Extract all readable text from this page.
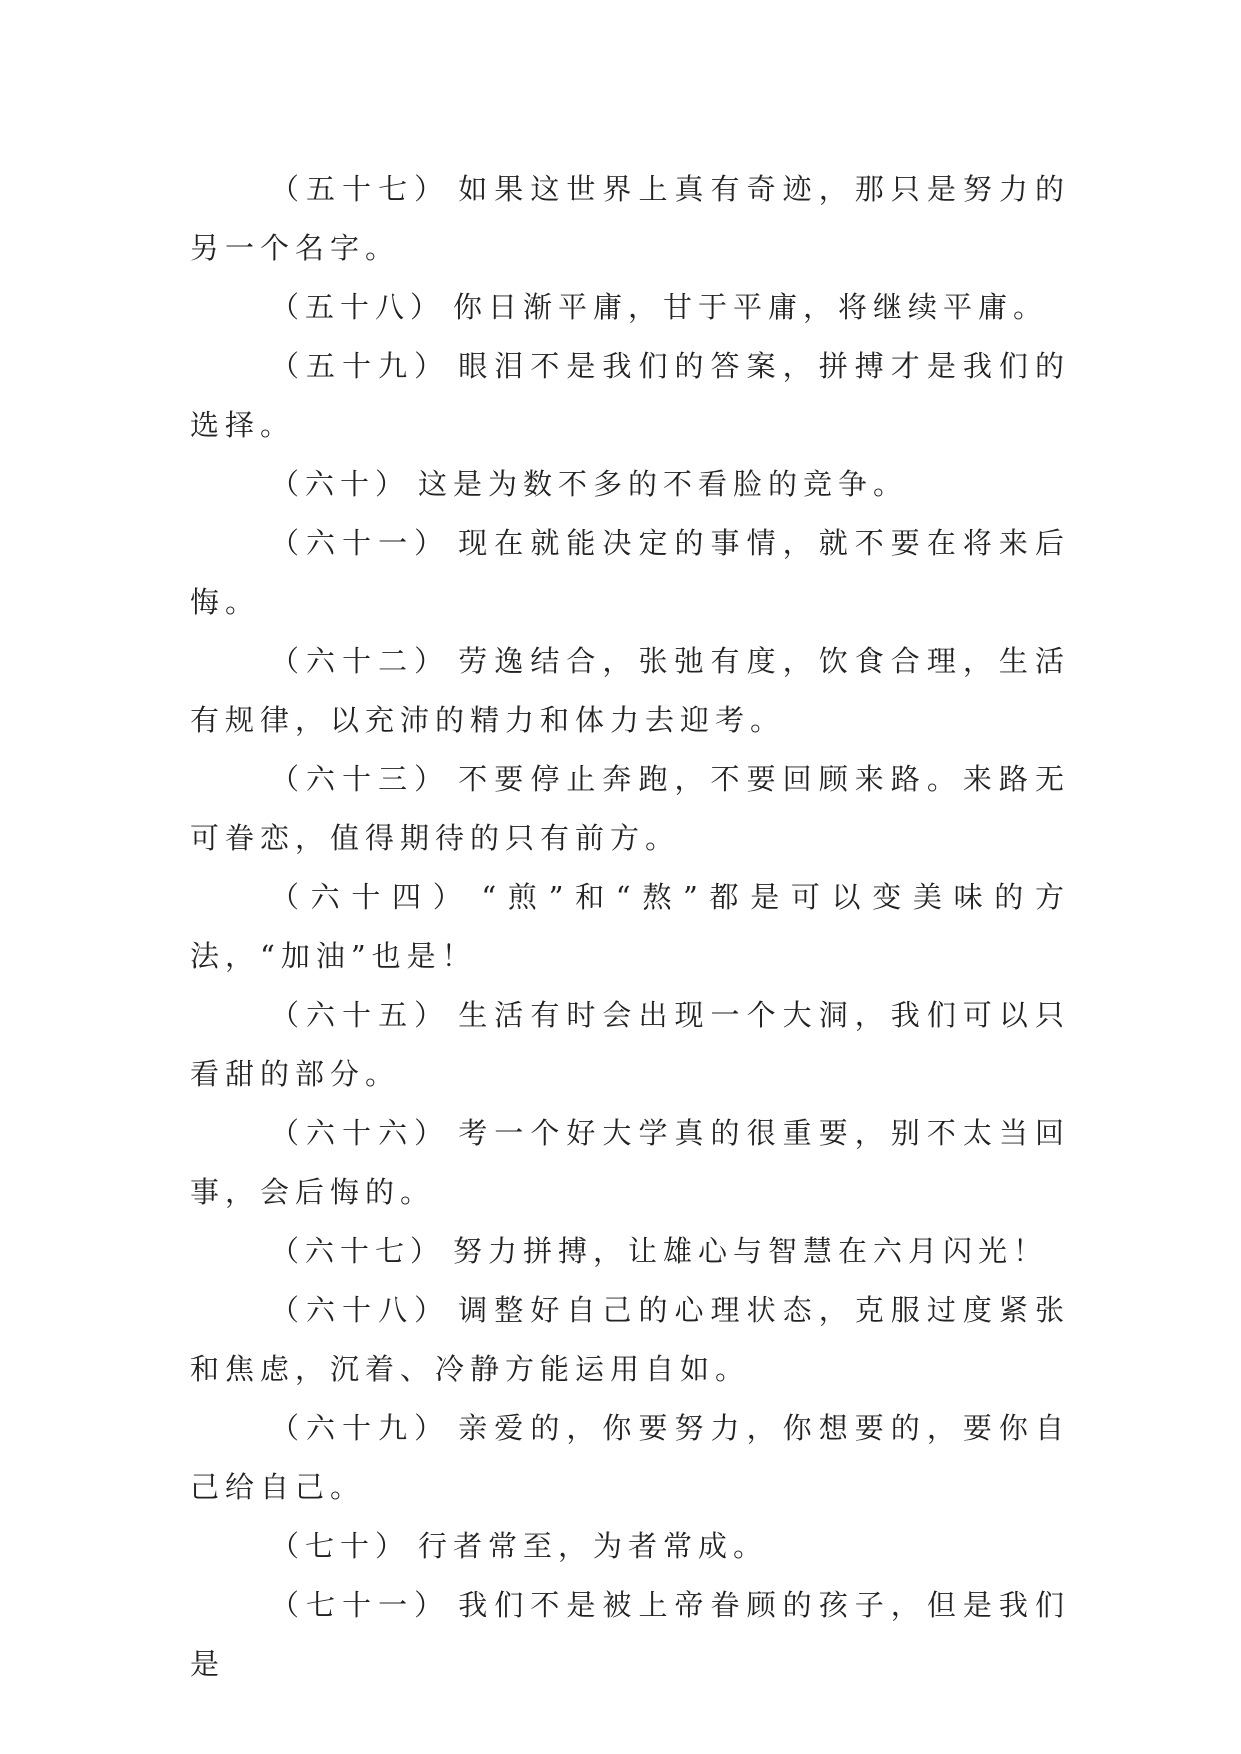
（五十七） 如果这世界上真有奇迹，那只是努力的另一个名字。

（五十八） 你日渐平庸，甘于平庸，将继续平庸。

（五十九） 眼泪不是我们的答案，拼搏才是我们的选择。

（六十） 这是为数不多的不看脸的竞争。

（六十一） 现在就能决定的事情，就不要在将来后悔。

（六十二） 劳逸结合，张弛有度，饮食合理，生活有规律，以充沛的精力和体力去迎考。

（六十三） 不要停止奔跑，不要回顾来路。来路无可眷恋，值得期待的只有前方。

（六十四） “煎”和“熬”都是可以变美味的方法，“加油”也是！

（六十五） 生活有时会出现一个大洞，我们可以只看甜的部分。

（六十六） 考一个好大学真的很重要，别不太当回事，会后悔的。

（六十七） 努力拼搏，让雄心与智慧在六月闪光！

（六十八） 调整好自己的心理状态，克服过度紧张和焦虑，沉着、冷静方能运用自如。

（六十九） 亲爱的，你要努力，你想要的，要你自己给自己。

（七十） 行者常至，为者常成。

（七十一） 我们不是被上帝眷顾的孩子，但是我们是
